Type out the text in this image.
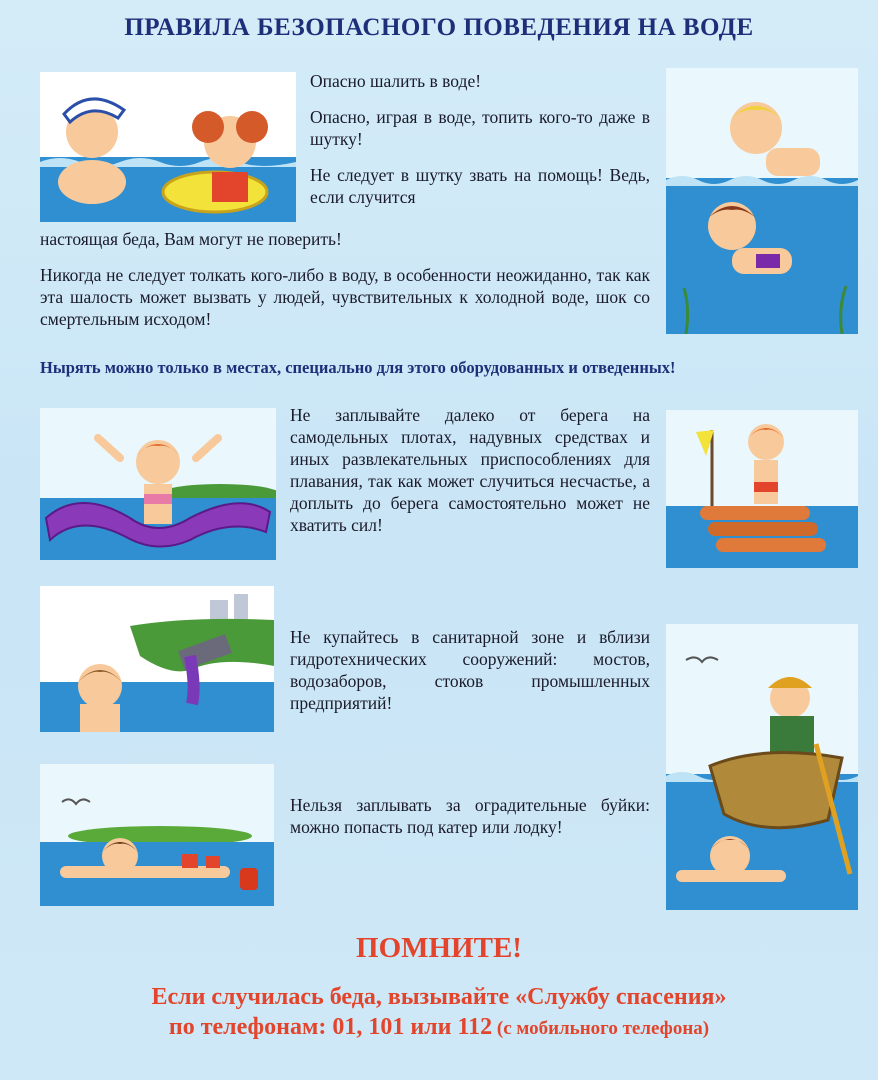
ПРАВИЛА БЕЗОПАСНОГО ПОВЕДЕНИЯ НА ВОДЕ

Опасно шалить в воде!

Опасно, играя в воде, топить кого-то даже в шутку!

Не следует в шутку звать на помощь! Ведь, если случится

настоящая беда, Вам могут не поверить!

Никогда не следует толкать кого-либо в воду, в особенности неожиданно, так как эта шалость может вызвать у людей, чувствительных к холодной воде, шок со смертельным исходом!

Нырять можно только в местах, специально для этого оборудованных и отведенных!
Не заплывайте далеко от берега на самодельных плотах, надувных средствах и иных развлекательных приспособлениях для плавания, так как может случиться несчастье, а доплыть до берега самостоятельно может не хватить сил!
Не купайтесь в санитарной зоне и вблизи гидротехнических сооружений: мостов, водозаборов, стоков промышленных предприятий!
Нельзя заплывать за оградительные буйки: можно попасть под катер или лодку!
ПОМНИТЕ!
Если случилась беда, вызывайте «Службу спасения»
по телефонам: 01, 101 или 112 (с мобильного телефона)
